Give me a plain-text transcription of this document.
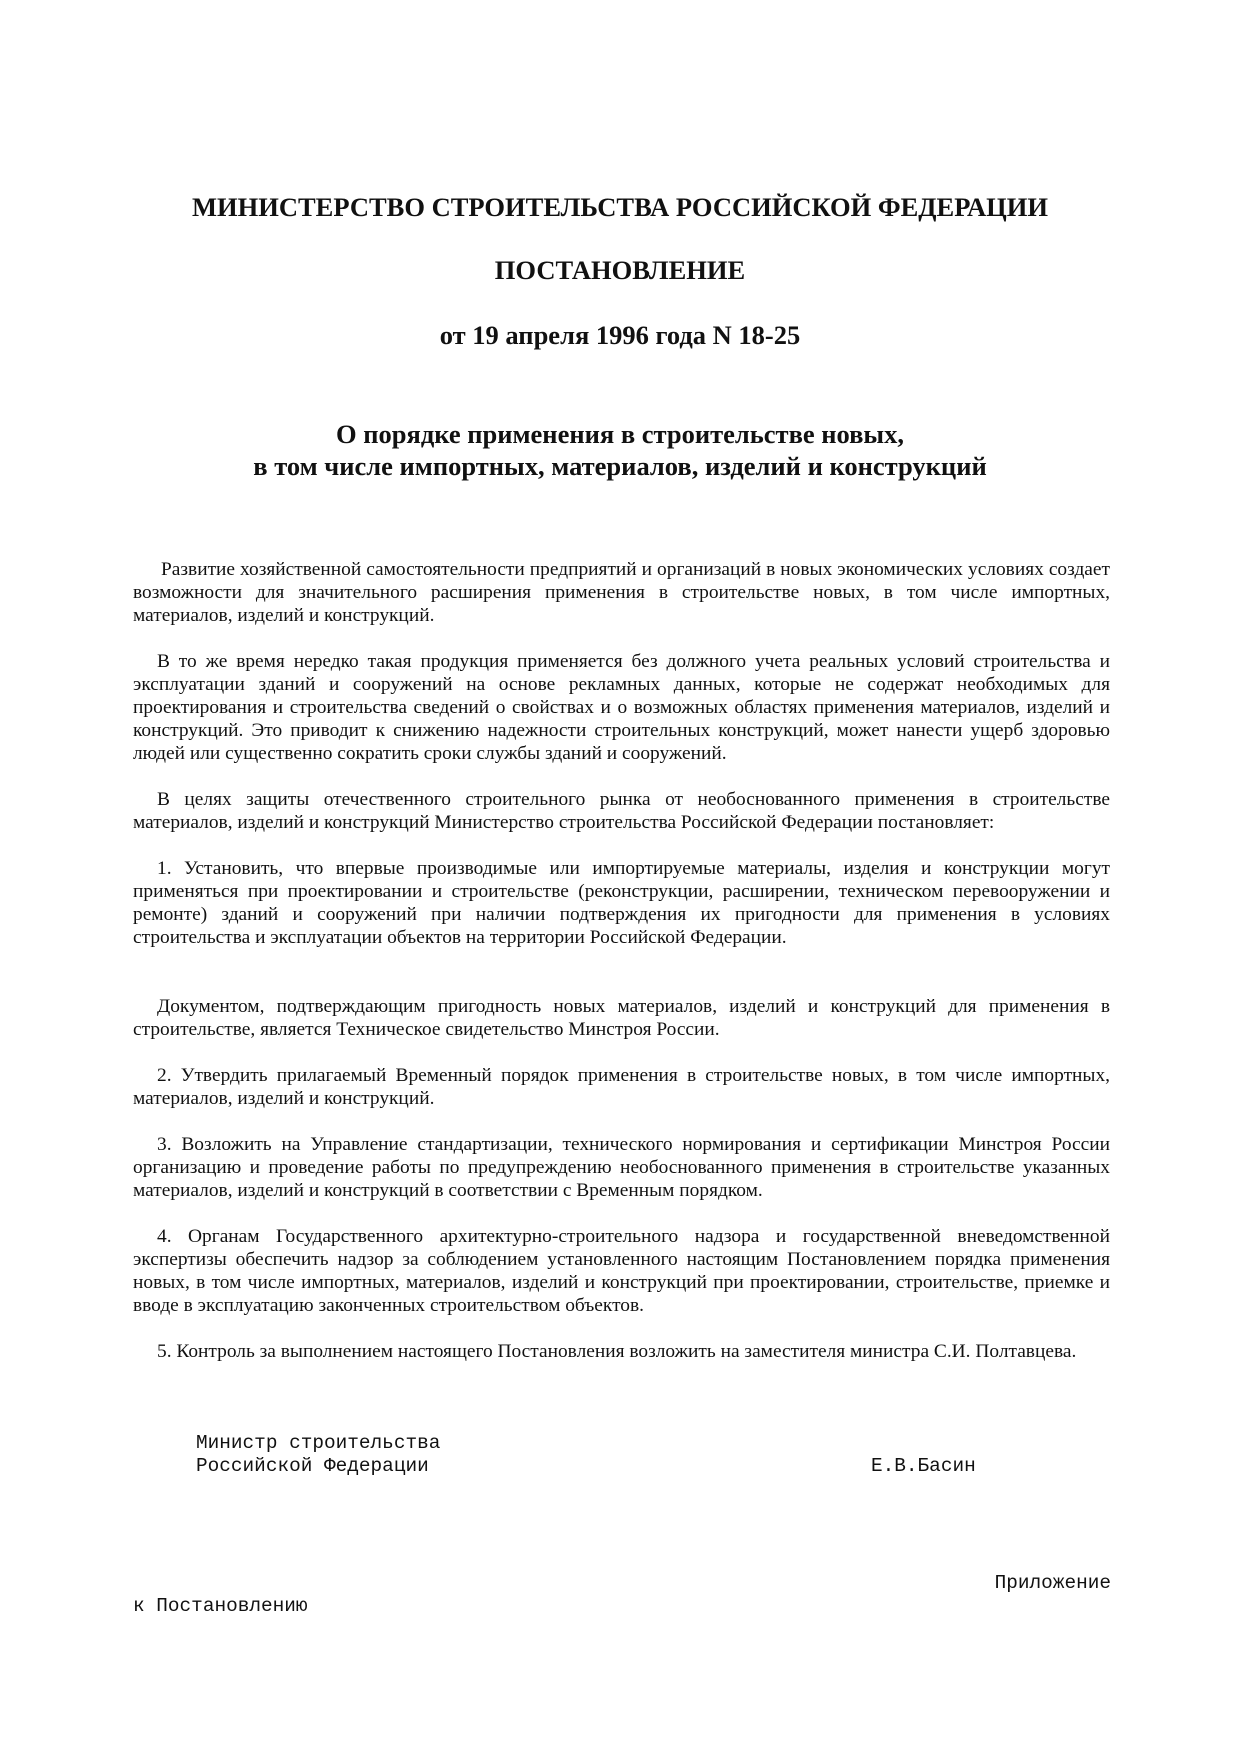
МИНИСТЕРСТВО СТРОИТЕЛЬСТВА РОССИЙСКОЙ ФЕДЕРАЦИИ
ПОСТАНОВЛЕНИЕ
от 19 апреля 1996 года N 18-25
О порядке применения в строительстве новых,
в том числе импортных, материалов, изделий и конструкций

Развитие хозяйственной самостоятельности предприятий и организаций в новых экономических условиях создает возможности для значительного расширения применения в строительстве новых, в том числе импортных, материалов, изделий и конструкций.

В то же время нередко такая продукция применяется без должного учета реальных условий строительства и эксплуатации зданий и сооружений на основе рекламных данных, которые не содержат необходимых для проектирования и строительства сведений о свойствах и о возможных областях применения материалов, изделий и конструкций. Это приводит к снижению надежности строительных конструкций, может нанести ущерб здоровью людей или существенно сократить сроки службы зданий и сооружений.

В целях защиты отечественного строительного рынка от необоснованного применения в строительстве материалов, изделий и конструкций Министерство строительства Российской Федерации постановляет:

1. Установить, что впервые производимые или импортируемые материалы, изделия и конструкции могут применяться при проектировании и строительстве (реконструкции, расширении, техническом перевооружении и ремонте) зданий и сооружений при наличии подтверждения их пригодности для применения в условиях строительства и эксплуатации объектов на территории Российской Федерации.

Документом, подтверждающим пригодность новых материалов, изделий и конструкций для применения в строительстве, является Техническое свидетельство Минстроя России.

2. Утвердить прилагаемый Временный порядок применения в строительстве новых, в том числе импортных, материалов, изделий и конструкций.

3. Возложить на Управление стандартизации, технического нормирования и сертификации Минстроя России организацию и проведение работы по предупреждению необоснованного применения в строительстве указанных материалов, изделий и конструкций в соответствии с Временным порядком.

4. Органам Государственного архитектурно-строительного надзора и государственной вневедомственной экспертизы обеспечить надзор за соблюдением установленного настоящим Постановлением порядка применения новых, в том числе импортных, материалов, изделий и конструкций при проектировании, строительстве, приемке и вводе в эксплуатацию законченных строительством объектов.

5. Контроль за выполнением настоящего Постановления возложить на заместителя министра С.И. Полтавцева.

Министр строительства

Российской Федерации	Е.В.Басин

Приложение

к Постановлению
